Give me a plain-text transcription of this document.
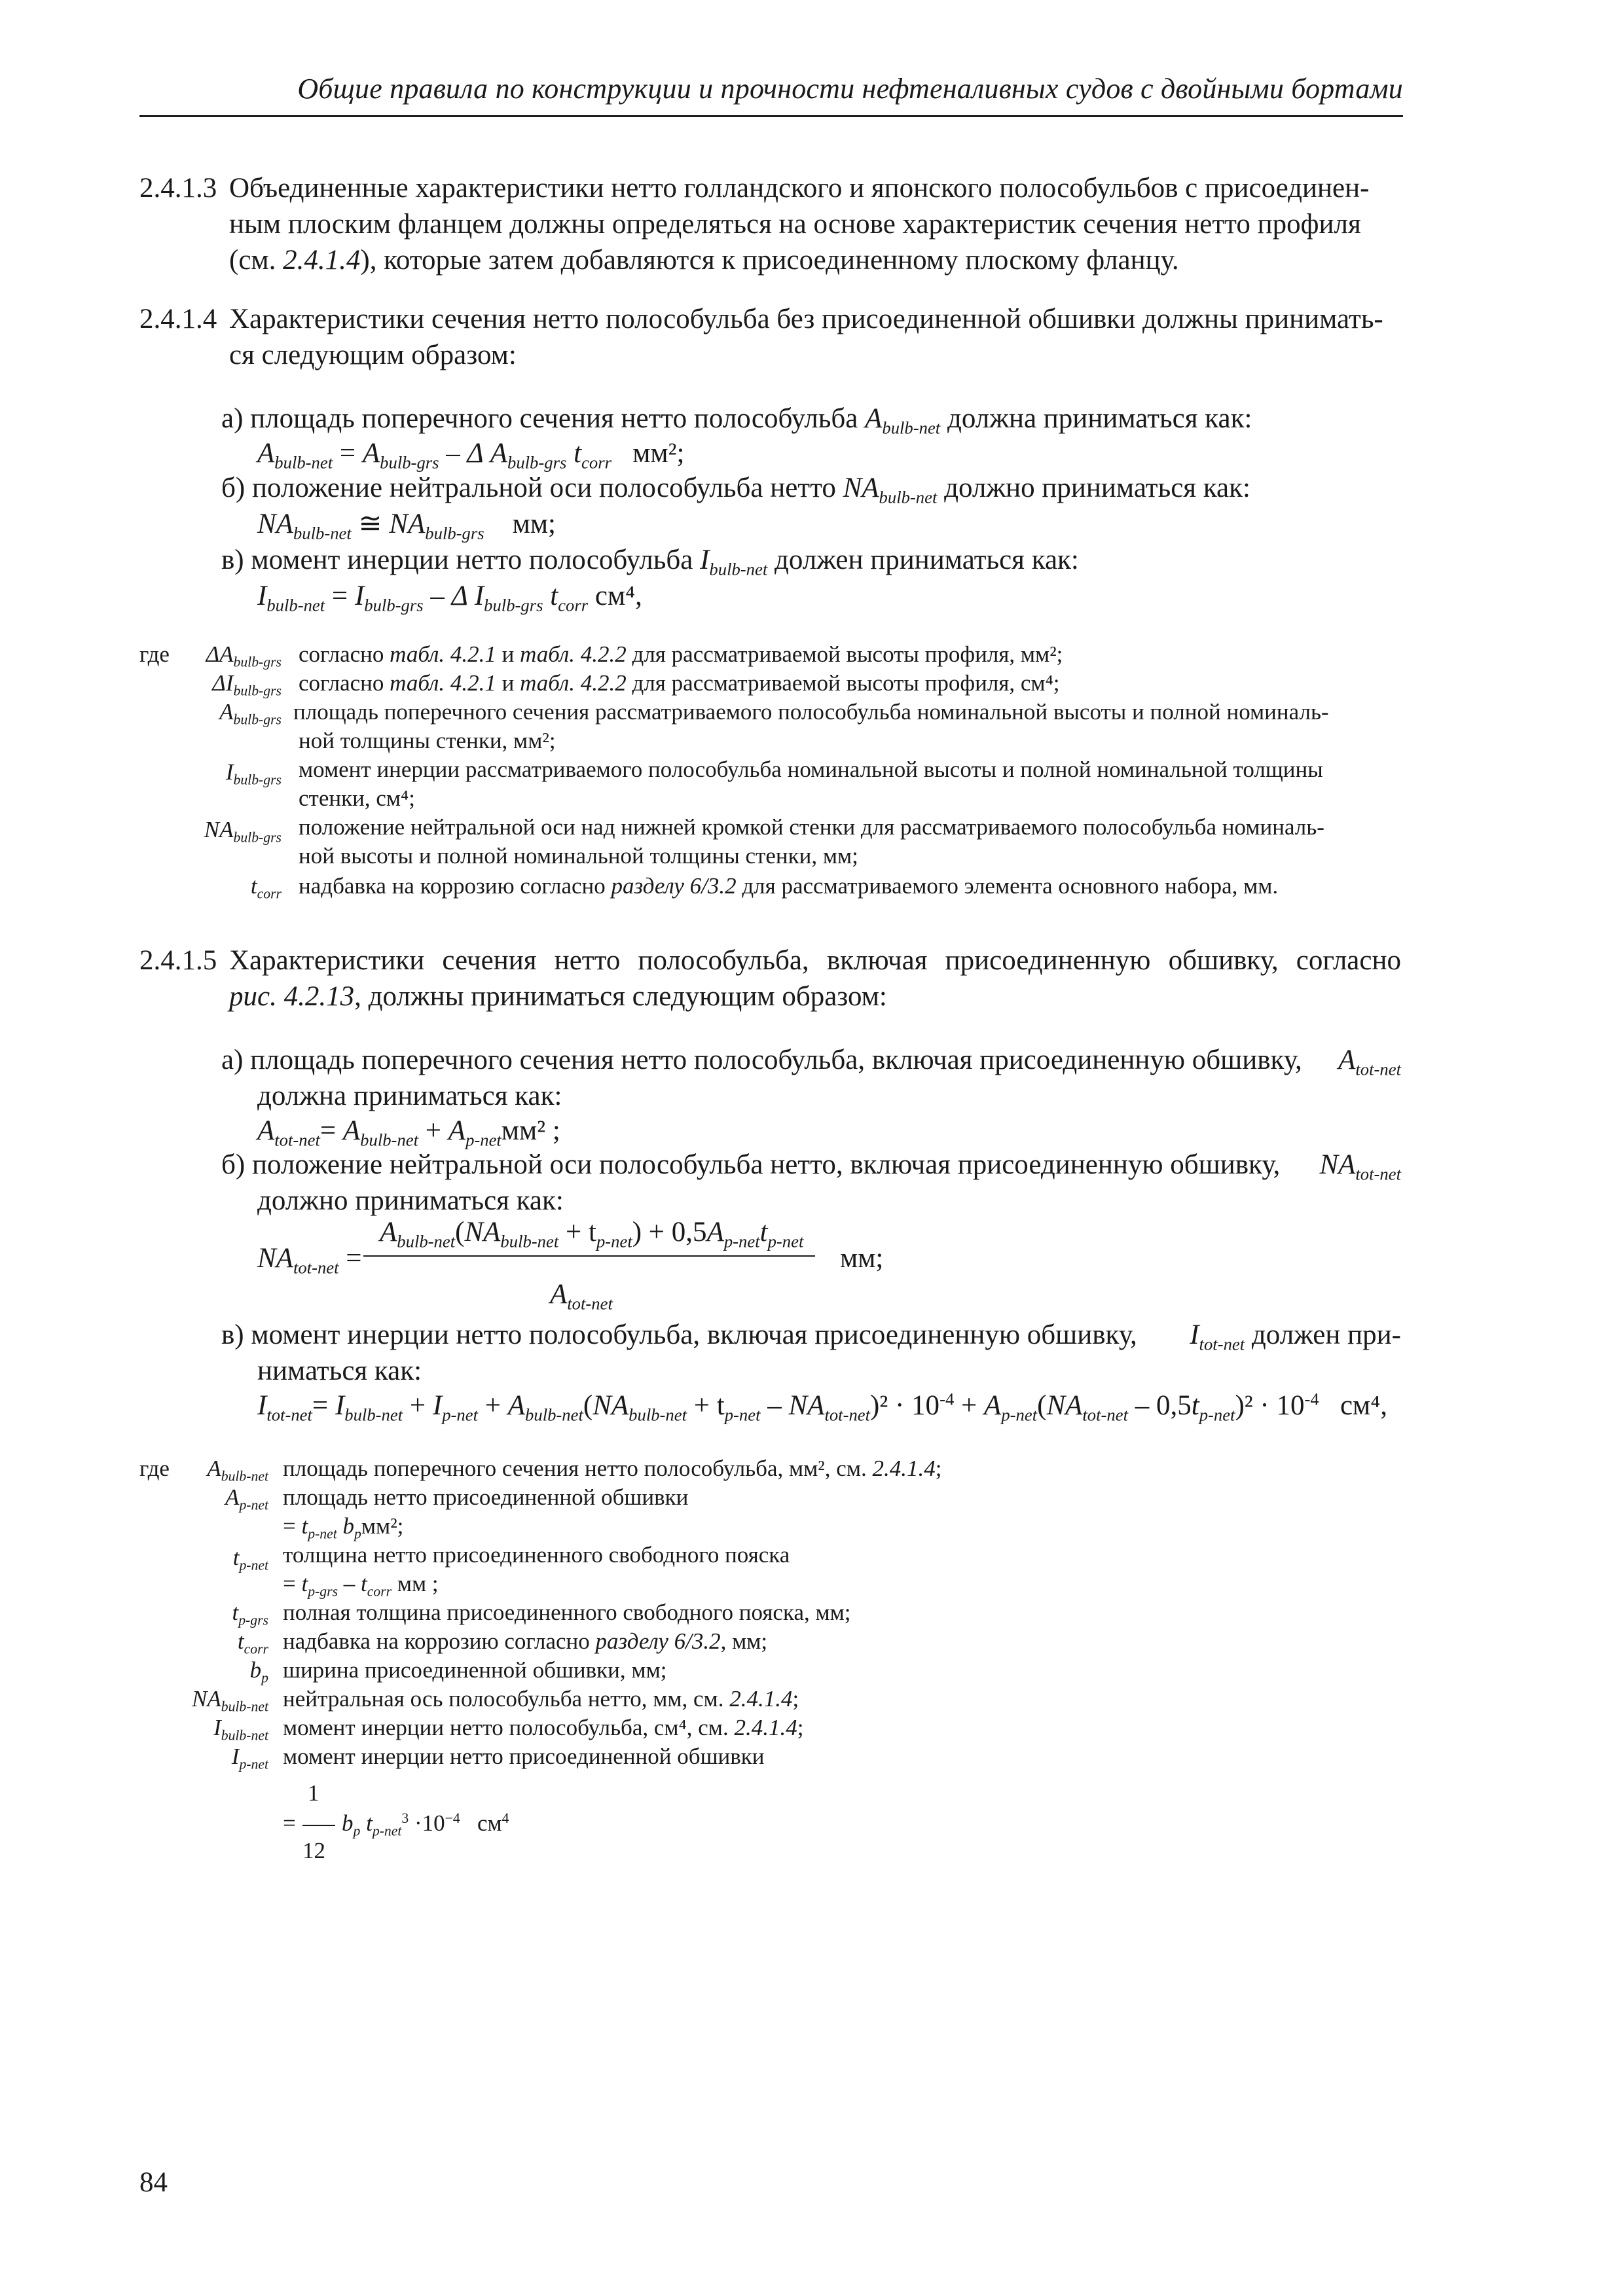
Общие правила по конструкции и прочности нефтеналивных судов с двойными бортами
2.4.1.3 Объединенные характеристики нетто голландского и японского полособульбов с присоединен-
ным плоским фланцем должны определяться на основе характеристик сечения нетто профиля
(см. 2.4.1.4), которые затем добавляются к присоединенному плоскому фланцу.
2.4.1.4 Характеристики сечения нетто полособульба без присоединенной обшивки должны принимать-
ся следующим образом:
а) площадь поперечного сечения нетто полособульба $A_{bulb-net}$ должна приниматься как:
$A_{bulb-net} = A_{bulb-grs} - \Delta$ $A_{bulb-grs}$ $t_{corr}$ мм²;
б) положение нейтральной оси полособульба нетто $NA_{bulb-net}$ должно приниматься как:
$NA_{bulb-net}$ ≅ $NA_{bulb-grs}$ мм;
в) момент инерции нетто полособульба $I_{bulb-net}$ должен приниматься как:
$I_{bulb-net} = I_{bulb-grs} - \Delta$ $I_{bulb-grs}$ $t_{corr}$ см⁴,
где	$\Delta A_{bulb-grs}$ согласно табл. 4.2.1 и табл. 4.2.2 для рассматриваемой высоты профиля, мм²;
$\Delta I_{bulb-grs}$ согласно табл. 4.2.1 и табл. 4.2.2 для рассматриваемой высоты профиля, см⁴;
$A_{bulb-grs}$ площадь поперечного сечения рассматриваемого полособульба номинальной высоты и полной номиналь-
ной толщины стенки, мм²;
$I_{bulb-grs}$ момент инерции рассматриваемого полособульба номинальной высоты и полной номинальной толщины
стенки, см⁴;
$NA_{bulb-grs}$ положение нейтральной оси над нижней кромкой стенки для рассматриваемого полособульба номиналь-
ной высоты и полной номинальной толщины стенки, мм;
$t_{corr}$ надбавка на коррозию согласно разделу 6/3.2 для рассматриваемого элемента основного набора, мм.
2.4.1.5 Характеристики сечения нетто полособульба, включая присоединенную обшивку, согласно
рис. 4.2.13, должны приниматься следующим образом:
а) площадь поперечного сечения нетто полособульба, включая присоединенную обшивку, $A_{tot-net}$
должна приниматься как:
$A_{tot-net}= A_{bulb-net} + A_{p-net}мм^2$ ;
б) положение нейтральной оси полособульба нетто, включая присоединенную обшивку, $NA_{tot-net}$
должно приниматься как:
$A_{bulb-net}(NA_{bulb-net} + t_{p-net}) + 0,5A_{p-net}t_{p-net}$
$NA_{tot-net}$ =	мм;
$A_{tot-net}$
в) момент инерции нетто полособульба, включая присоединенную обшивку, $I_{tot-net}$ должен при-
ниматься как:
$I_{tot-net}= I_{bulb-net} + I_{p-net} + A_{bulb-net}(NA_{bulb-net} + t_{p-net} - NA_{tot-net})^2 \cdot 10^{-4} + A_{p-net}(NA_{tot-net} - 0,5t_{p-net})^2 \cdot 10^{-4}$ см⁴,
где	$A_{bulb-net}$ площадь поперечного сечения нетто полособульба, мм², см. 2.4.1.4;
$A_{p-net}$ площадь нетто присоединенной обшивки
= $t_{p-net}$ $b_pмм^2$;
$t_{p-net}$ толщина нетто присоединенного свободного пояска
= $t_{p-grs} - t_{corr}$ мм ;
$t_{p-grs}$ полная толщина присоединенного свободного пояска, мм;
$t_{corr}$ надбавка на коррозию согласно разделу 6/3.2, мм;
$b_p$ ширина присоединенной обшивки, мм;
$NA_{bulb-net}$ нейтральная ось полособульба нетто, мм, см. 2.4.1.4;
$I_{bulb-net}$ момент инерции нетто полособульба, см⁴, см. 2.4.1.4;
$I_{p-net}$ момент инерции нетто присоединенной обшивки
1
= $b_p$ $t_{p-net}^3 \cdot 10^{-4}$   $см^4$
12
84
